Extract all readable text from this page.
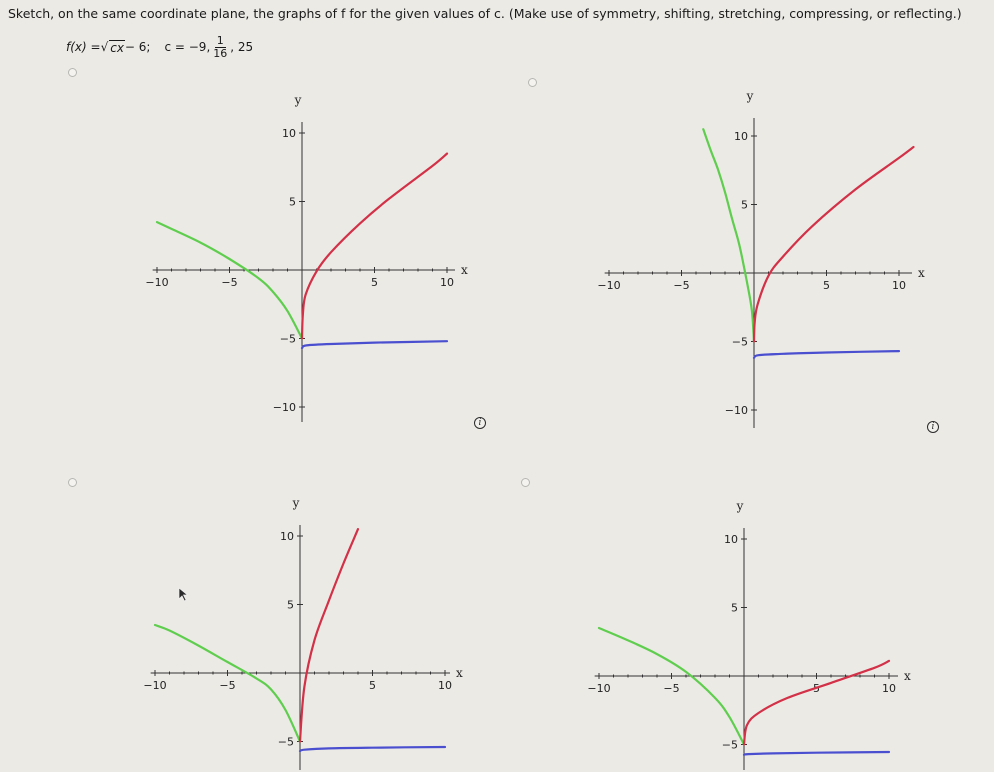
Sketch, on the same coordinate plane, the graphs of f for the given values of c. (Make use of symmetry, shifting, stretching, compressing, or reflecting.)
f(x) = √ cx − 6; c = −9, $\frac{1}{16}$ , 25
i	i
−10	−5	5	10
10
5
−5
−10
x
y
−10	−5	5	10
10
5
−5
−10
x
y
−10	−5	5	10
10
5
−5
x
y
−10	−5	5	10
10
5
−5
x
y
